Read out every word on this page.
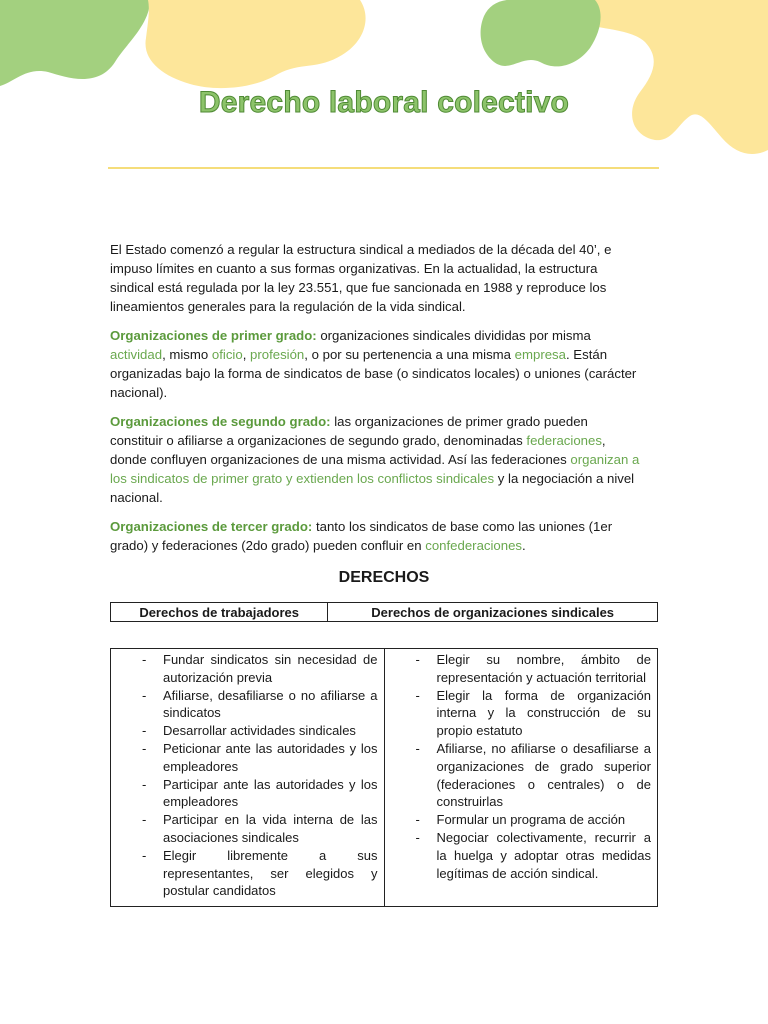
Derecho laboral colectivo

El Estado comenzó a regular la estructura sindical a mediados de la década del 40’, e impuso límites en cuanto a sus formas organizativas. En la actualidad, la estructura sindical está regulada por la ley 23.551, que fue sancionada en 1988 y reproduce los lineamientos generales para la regulación de la vida sindical.

Organizaciones de primer grado: organizaciones sindicales divididas por misma actividad, mismo oficio, profesión, o por su pertenencia a una misma empresa. Están organizadas bajo la forma de sindicatos de base (o sindicatos locales) o uniones (carácter nacional).

Organizaciones de segundo grado: las organizaciones de primer grado pueden constituir o afiliarse a organizaciones de segundo grado, denominadas federaciones, donde confluyen organizaciones de una misma actividad. Así las federaciones organizan a los sindicatos de primer grato y extienden los conflictos sindicales y la negociación a nivel nacional.

Organizaciones de tercer grado: tanto los sindicatos de base como las uniones (1er grado) y federaciones (2do grado) pueden confluir en confederaciones.

DERECHOS
Derechos de trabajadores	Derechos de organizaciones sindicales
- Fundar sindicatos sin necesidad de autorización previa
- Afiliarse, desafiliarse o no afiliarse a sindicatos
- Desarrollar actividades sindicales
- Peticionar ante las autoridades y los empleadores
- Participar ante las autoridades y los empleadores
- Participar en la vida interna de las asociaciones sindicales
- Elegir libremente a sus representantes, ser elegidos y postular candidatos

- Elegir su nombre, ámbito de representación y actuación territorial
- Elegir la forma de organización interna y la construcción de su propio estatuto
- Afiliarse, no afiliarse o desafiliarse a organizaciones de grado superior (federaciones o centrales) o de construirlas
- Formular un programa de acción
- Negociar colectivamente, recurrir a la huelga y adoptar otras medidas legítimas de acción sindical.
